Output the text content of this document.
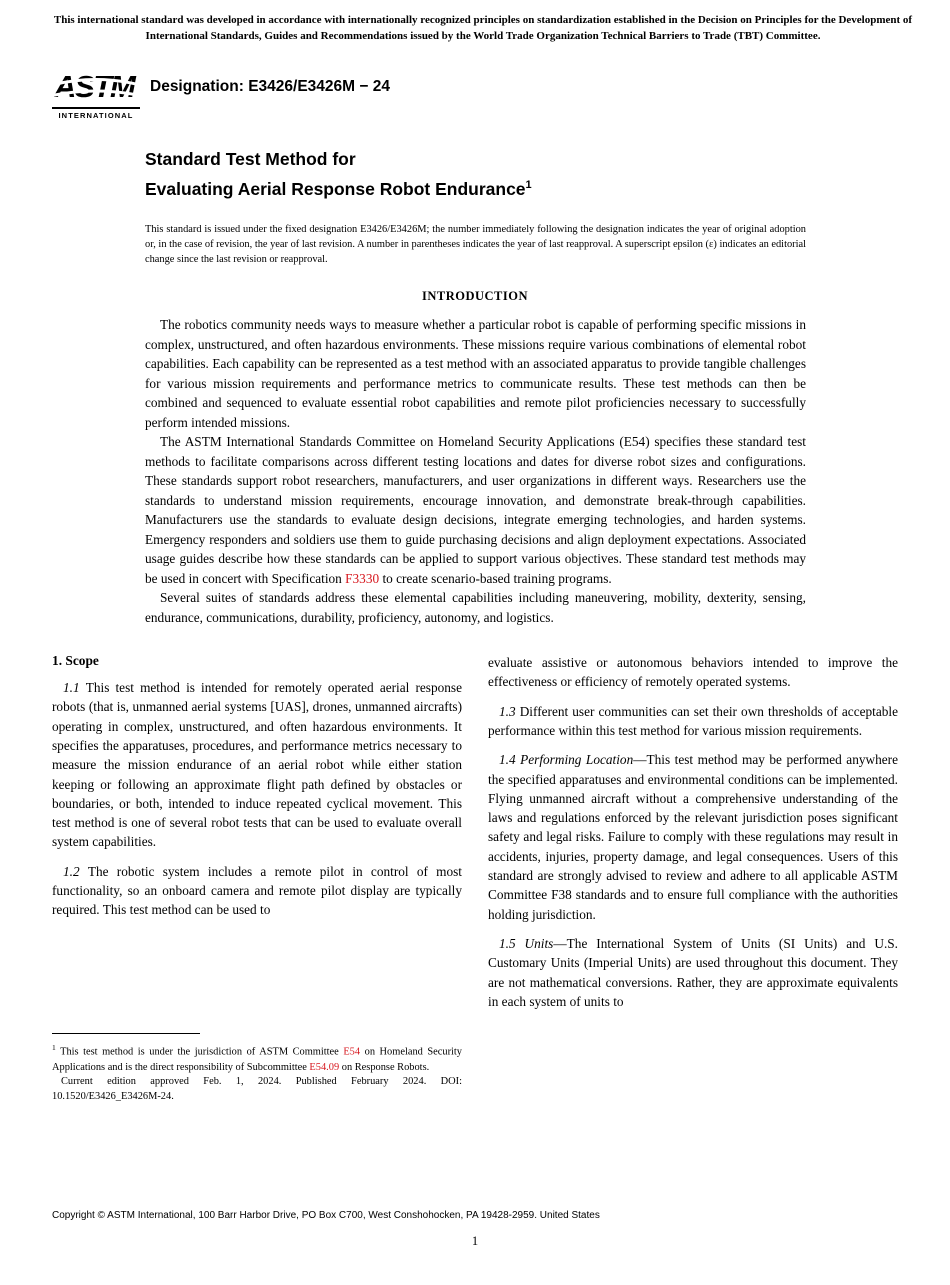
This international standard was developed in accordance with internationally recognized principles on standardization established in the Decision on Principles for the Development of International Standards, Guides and Recommendations issued by the World Trade Organization Technical Barriers to Trade (TBT) Committee.
ASTM
INTERNATIONAL
Designation: E3426/E3426M − 24
Standard Test Method for
Evaluating Aerial Response Robot Endurance$^1$
This standard is issued under the fixed designation E3426/E3426M; the number immediately following the designation indicates the year of original adoption or, in the case of revision, the year of last revision. A number in parentheses indicates the year of last reapproval. A superscript epsilon (ε) indicates an editorial change since the last revision or reapproval.
INTRODUCTION

The robotics community needs ways to measure whether a particular robot is capable of performing specific missions in complex, unstructured, and often hazardous environments. These missions require various combinations of elemental robot capabilities. Each capability can be represented as a test method with an associated apparatus to provide tangible challenges for various mission requirements and performance metrics to communicate results. These test methods can then be combined and sequenced to evaluate essential robot capabilities and remote pilot proficiencies necessary to successfully perform intended missions.

The ASTM International Standards Committee on Homeland Security Applications (E54) specifies these standard test methods to facilitate comparisons across different testing locations and dates for diverse robot sizes and configurations. These standards support robot researchers, manufacturers, and user organizations in different ways. Researchers use the standards to understand mission requirements, encourage innovation, and demonstrate break-through capabilities. Manufacturers use the standards to evaluate design decisions, integrate emerging technologies, and harden systems. Emergency responders and soldiers use them to guide purchasing decisions and align deployment expectations. Associated usage guides describe how these standards can be applied to support various objectives. These standard test methods may be used in concert with Specification F3330 to create scenario-based training programs.

Several suites of standards address these elemental capabilities including maneuvering, mobility, dexterity, sensing, endurance, communications, durability, proficiency, autonomy, and logistics.

1. Scope

1.1 This test method is intended for remotely operated aerial response robots (that is, unmanned aerial systems [UAS], drones, unmanned aircrafts) operating in complex, unstructured, and often hazardous environments. It specifies the apparatuses, procedures, and performance metrics necessary to measure the mission endurance of an aerial robot while either station keeping or following an approximate flight path defined by obstacles or boundaries, or both, intended to induce repeated cyclical movement. This test method is one of several robot tests that can be used to evaluate overall system capabilities.

1.2 The robotic system includes a remote pilot in control of most functionality, so an onboard camera and remote pilot display are typically required. This test method can be used to

$^1$ This test method is under the jurisdiction of ASTM Committee E54 on Homeland Security Applications and is the direct responsibility of Subcommittee E54.09 on Response Robots.

Current edition approved Feb. 1, 2024. Published February 2024. DOI: 10.1520/E3426_E3426M-24.

evaluate assistive or autonomous behaviors intended to improve the effectiveness or efficiency of remotely operated systems.

1.3 Different user communities can set their own thresholds of acceptable performance within this test method for various mission requirements.

1.4 Performing Location—This test method may be performed anywhere the specified apparatuses and environmental conditions can be implemented. Flying unmanned aircraft without a comprehensive understanding of the laws and regulations enforced by the relevant jurisdiction poses significant safety and legal risks. Failure to comply with these regulations may result in accidents, injuries, property damage, and legal consequences. Users of this standard are strongly advised to review and adhere to all applicable ASTM Committee F38 standards and to ensure full compliance with the authorities holding jurisdiction.

1.5 Units—The International System of Units (SI Units) and U.S. Customary Units (Imperial Units) are used throughout this document. They are not mathematical conversions. Rather, they are approximate equivalents in each system of units to

Copyright © ASTM International, 100 Barr Harbor Drive, PO Box C700, West Conshohocken, PA 19428-2959. United States
1
